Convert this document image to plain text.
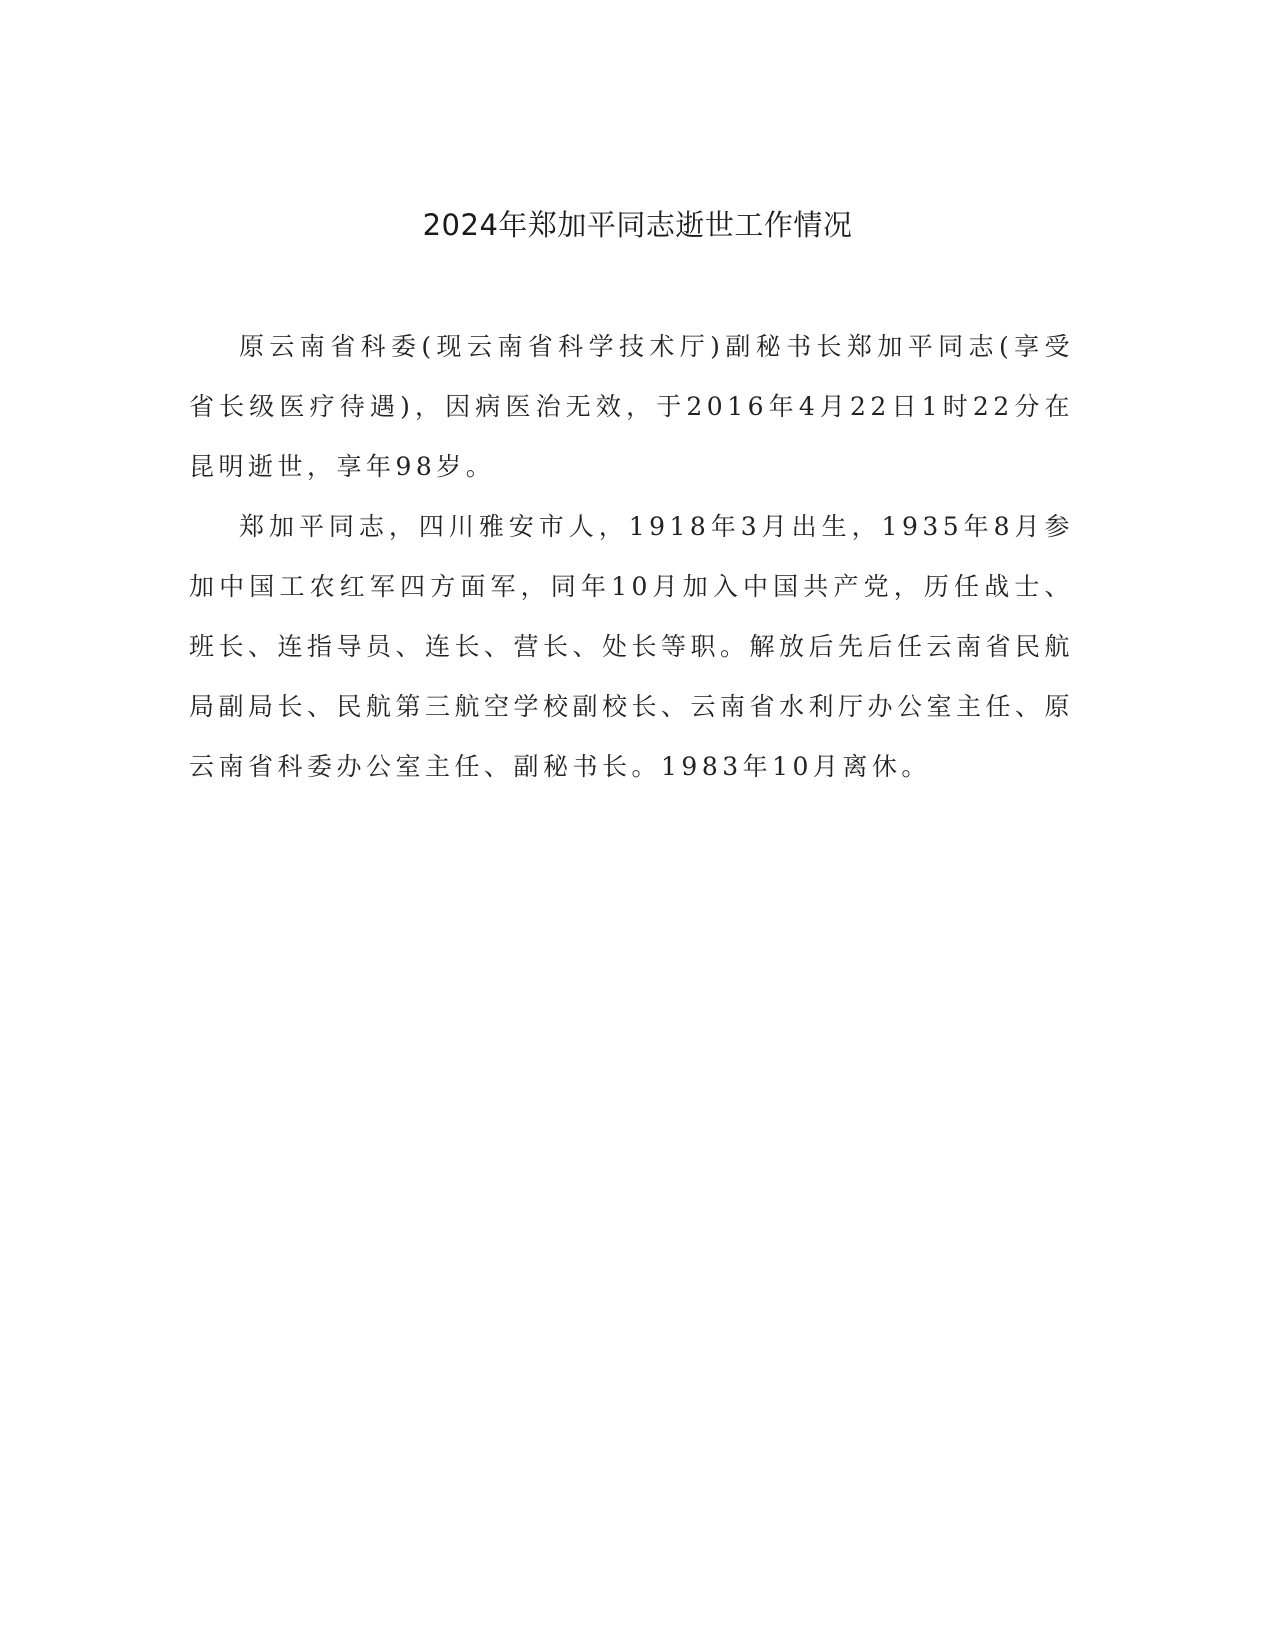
2024年郑加平同志逝世工作情况

原云南省科委(现云南省科学技术厅)副秘书长郑加平同志(享受省长级医疗待遇)，因病医治无效，于2016年4月22日1时22分在昆明逝世，享年98岁。

郑加平同志，四川雅安市人，1918年3月出生，1935年8月参加中国工农红军四方面军，同年10月加入中国共产党，历任战士、班长、连指导员、连长、营长、处长等职。解放后先后任云南省民航局副局长、民航第三航空学校副校长、云南省水利厅办公室主任、原云南省科委办公室主任、副秘书长。1983年10月离休。
